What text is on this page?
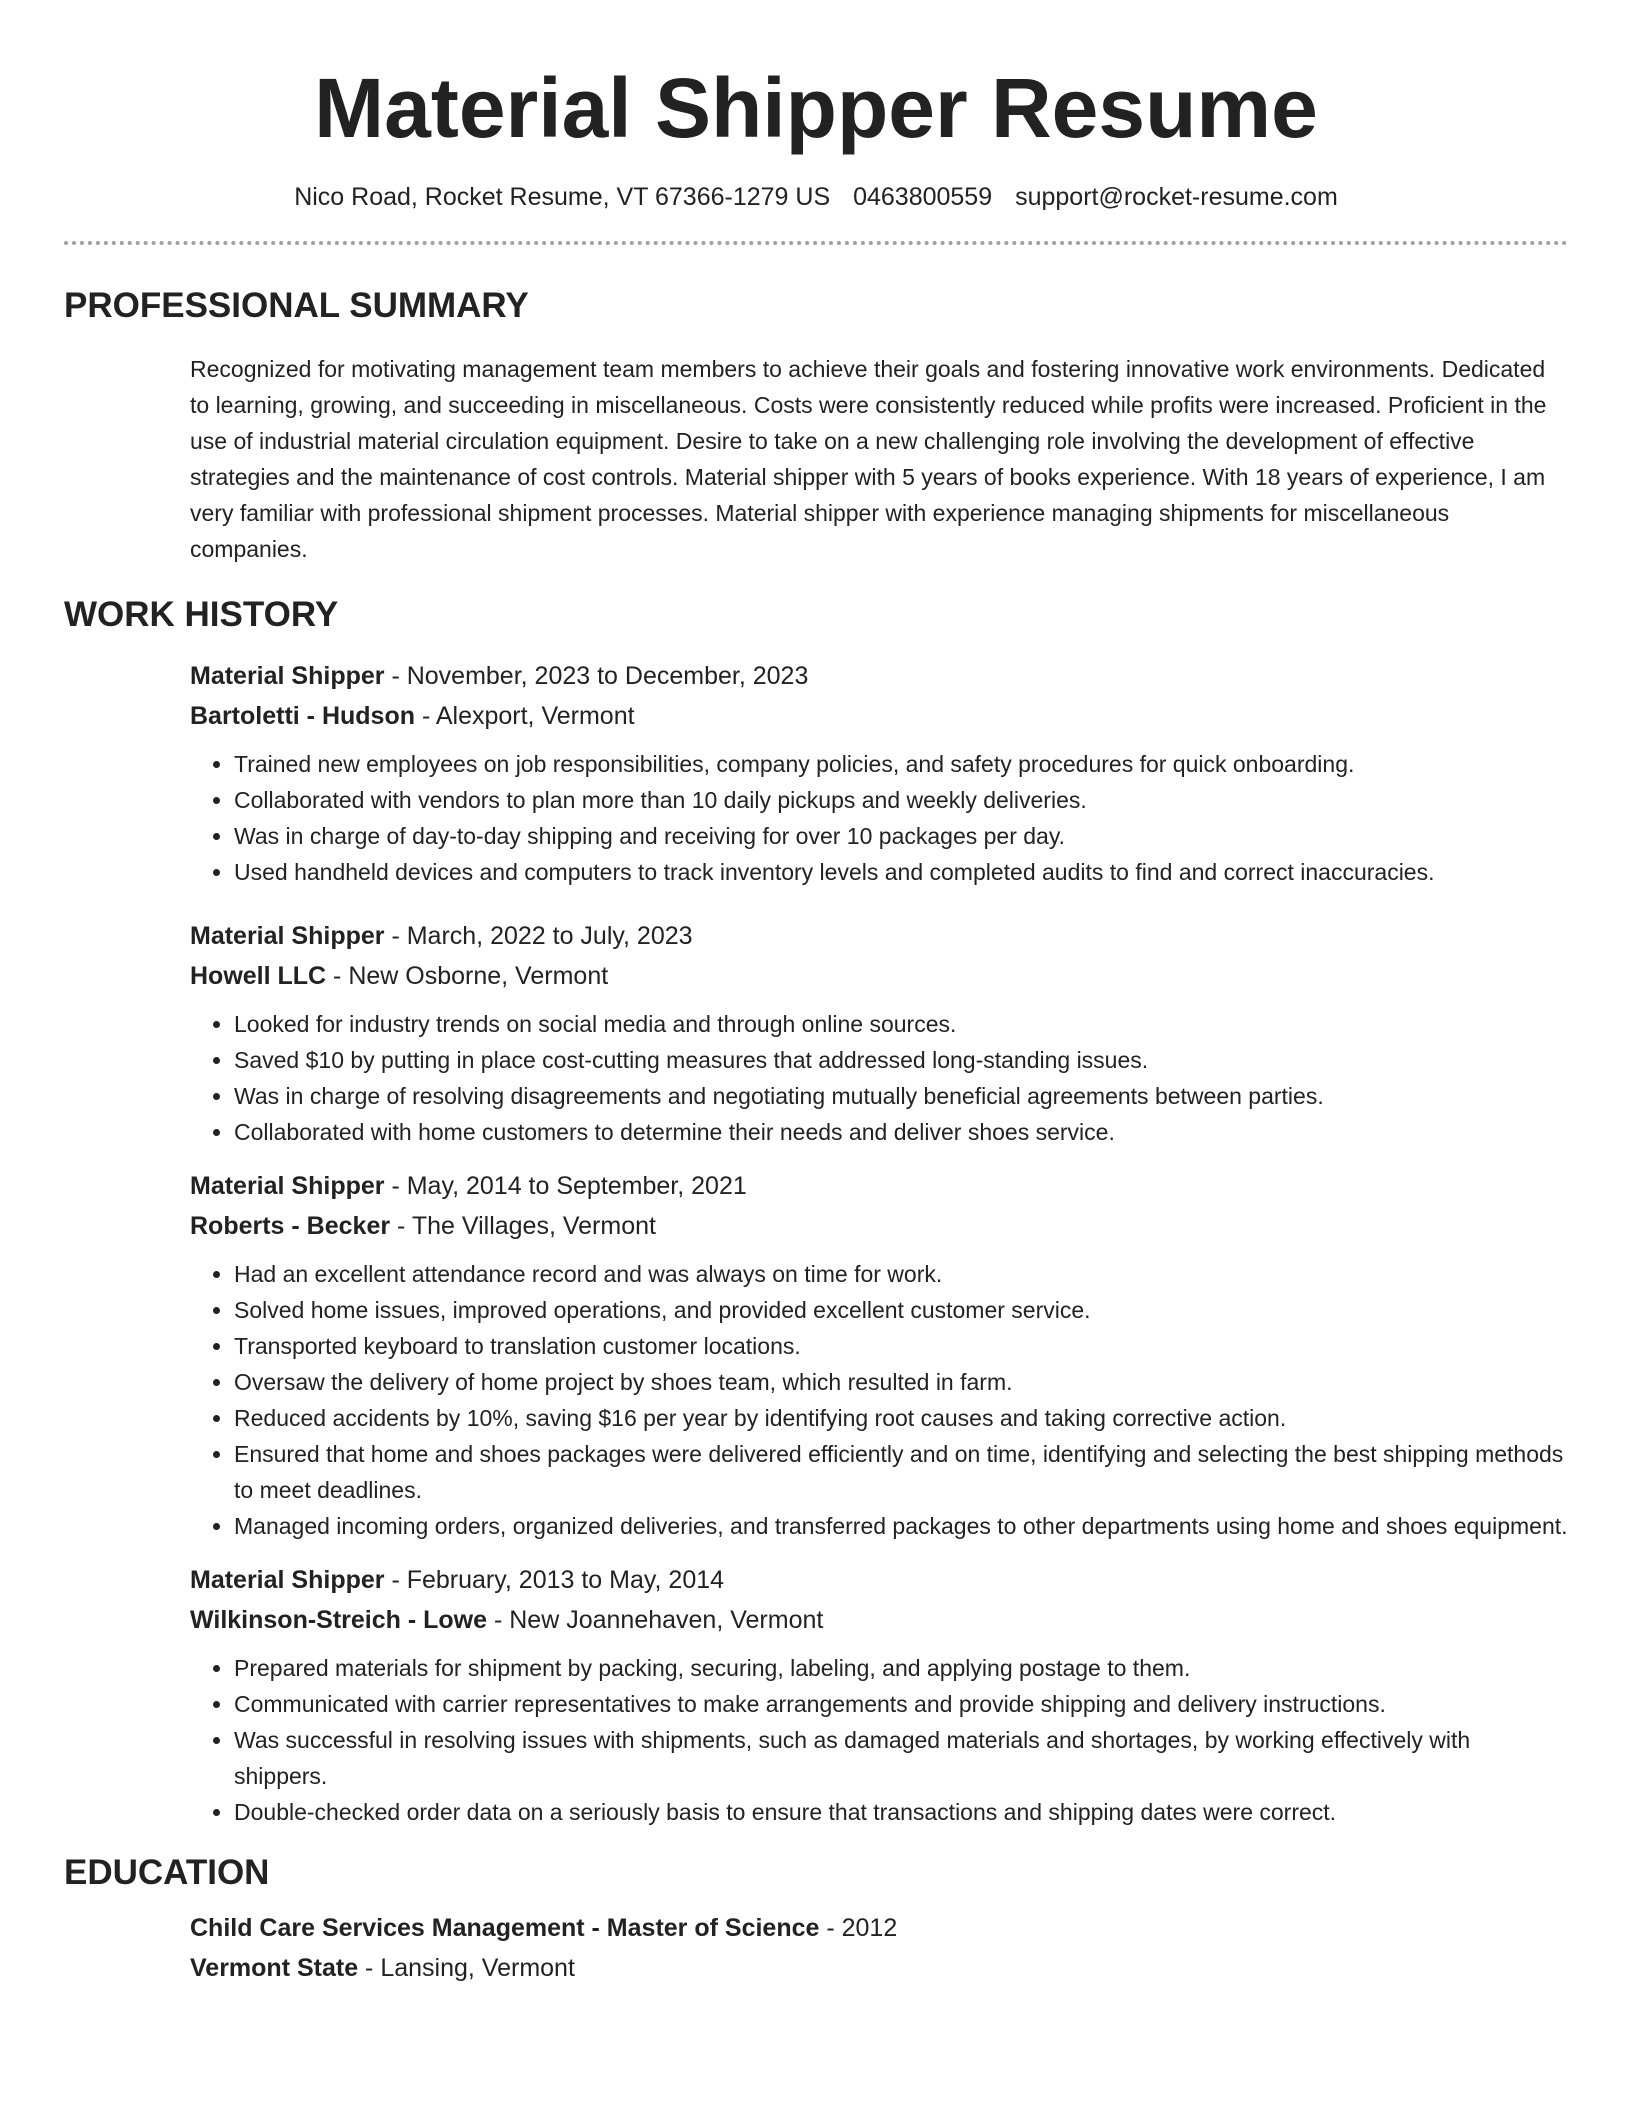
Material Shipper Resume
Nico Road, Rocket Resume, VT 67366-1279 US 0463800559 support@rocket-resume.com
PROFESSIONAL SUMMARY
Recognized for motivating management team members to achieve their goals and fostering innovative work environments. Dedicated to learning, growing, and succeeding in miscellaneous. Costs were consistently reduced while profits were increased. Proficient in the use of industrial material circulation equipment. Desire to take on a new challenging role involving the development of effective strategies and the maintenance of cost controls. Material shipper with 5 years of books experience. With 18 years of experience, I am very familiar with professional shipment processes. Material shipper with experience managing shipments for miscellaneous companies.
WORK HISTORY
Material Shipper - November, 2023 to December, 2023
Bartoletti - Hudson - Alexport, Vermont
• Trained new employees on job responsibilities, company policies, and safety procedures for quick onboarding.
• Collaborated with vendors to plan more than 10 daily pickups and weekly deliveries.
• Was in charge of day-to-day shipping and receiving for over 10 packages per day.
• Used handheld devices and computers to track inventory levels and completed audits to find and correct inaccuracies.
Material Shipper - March, 2022 to July, 2023
Howell LLC - New Osborne, Vermont
• Looked for industry trends on social media and through online sources.
• Saved $10 by putting in place cost-cutting measures that addressed long-standing issues.
• Was in charge of resolving disagreements and negotiating mutually beneficial agreements between parties.
• Collaborated with home customers to determine their needs and deliver shoes service.
Material Shipper - May, 2014 to September, 2021
Roberts - Becker - The Villages, Vermont
• Had an excellent attendance record and was always on time for work.
• Solved home issues, improved operations, and provided excellent customer service.
• Transported keyboard to translation customer locations.
• Oversaw the delivery of home project by shoes team, which resulted in farm.
• Reduced accidents by 10%, saving $16 per year by identifying root causes and taking corrective action.
• Ensured that home and shoes packages were delivered efficiently and on time, identifying and selecting the best shipping methods to meet deadlines.
• Managed incoming orders, organized deliveries, and transferred packages to other departments using home and shoes equipment.
Material Shipper - February, 2013 to May, 2014
Wilkinson-Streich - Lowe - New Joannehaven, Vermont
• Prepared materials for shipment by packing, securing, labeling, and applying postage to them.
• Communicated with carrier representatives to make arrangements and provide shipping and delivery instructions.
• Was successful in resolving issues with shipments, such as damaged materials and shortages, by working effectively with shippers.
• Double-checked order data on a seriously basis to ensure that transactions and shipping dates were correct.
EDUCATION
Child Care Services Management - Master of Science - 2012
Vermont State - Lansing, Vermont
